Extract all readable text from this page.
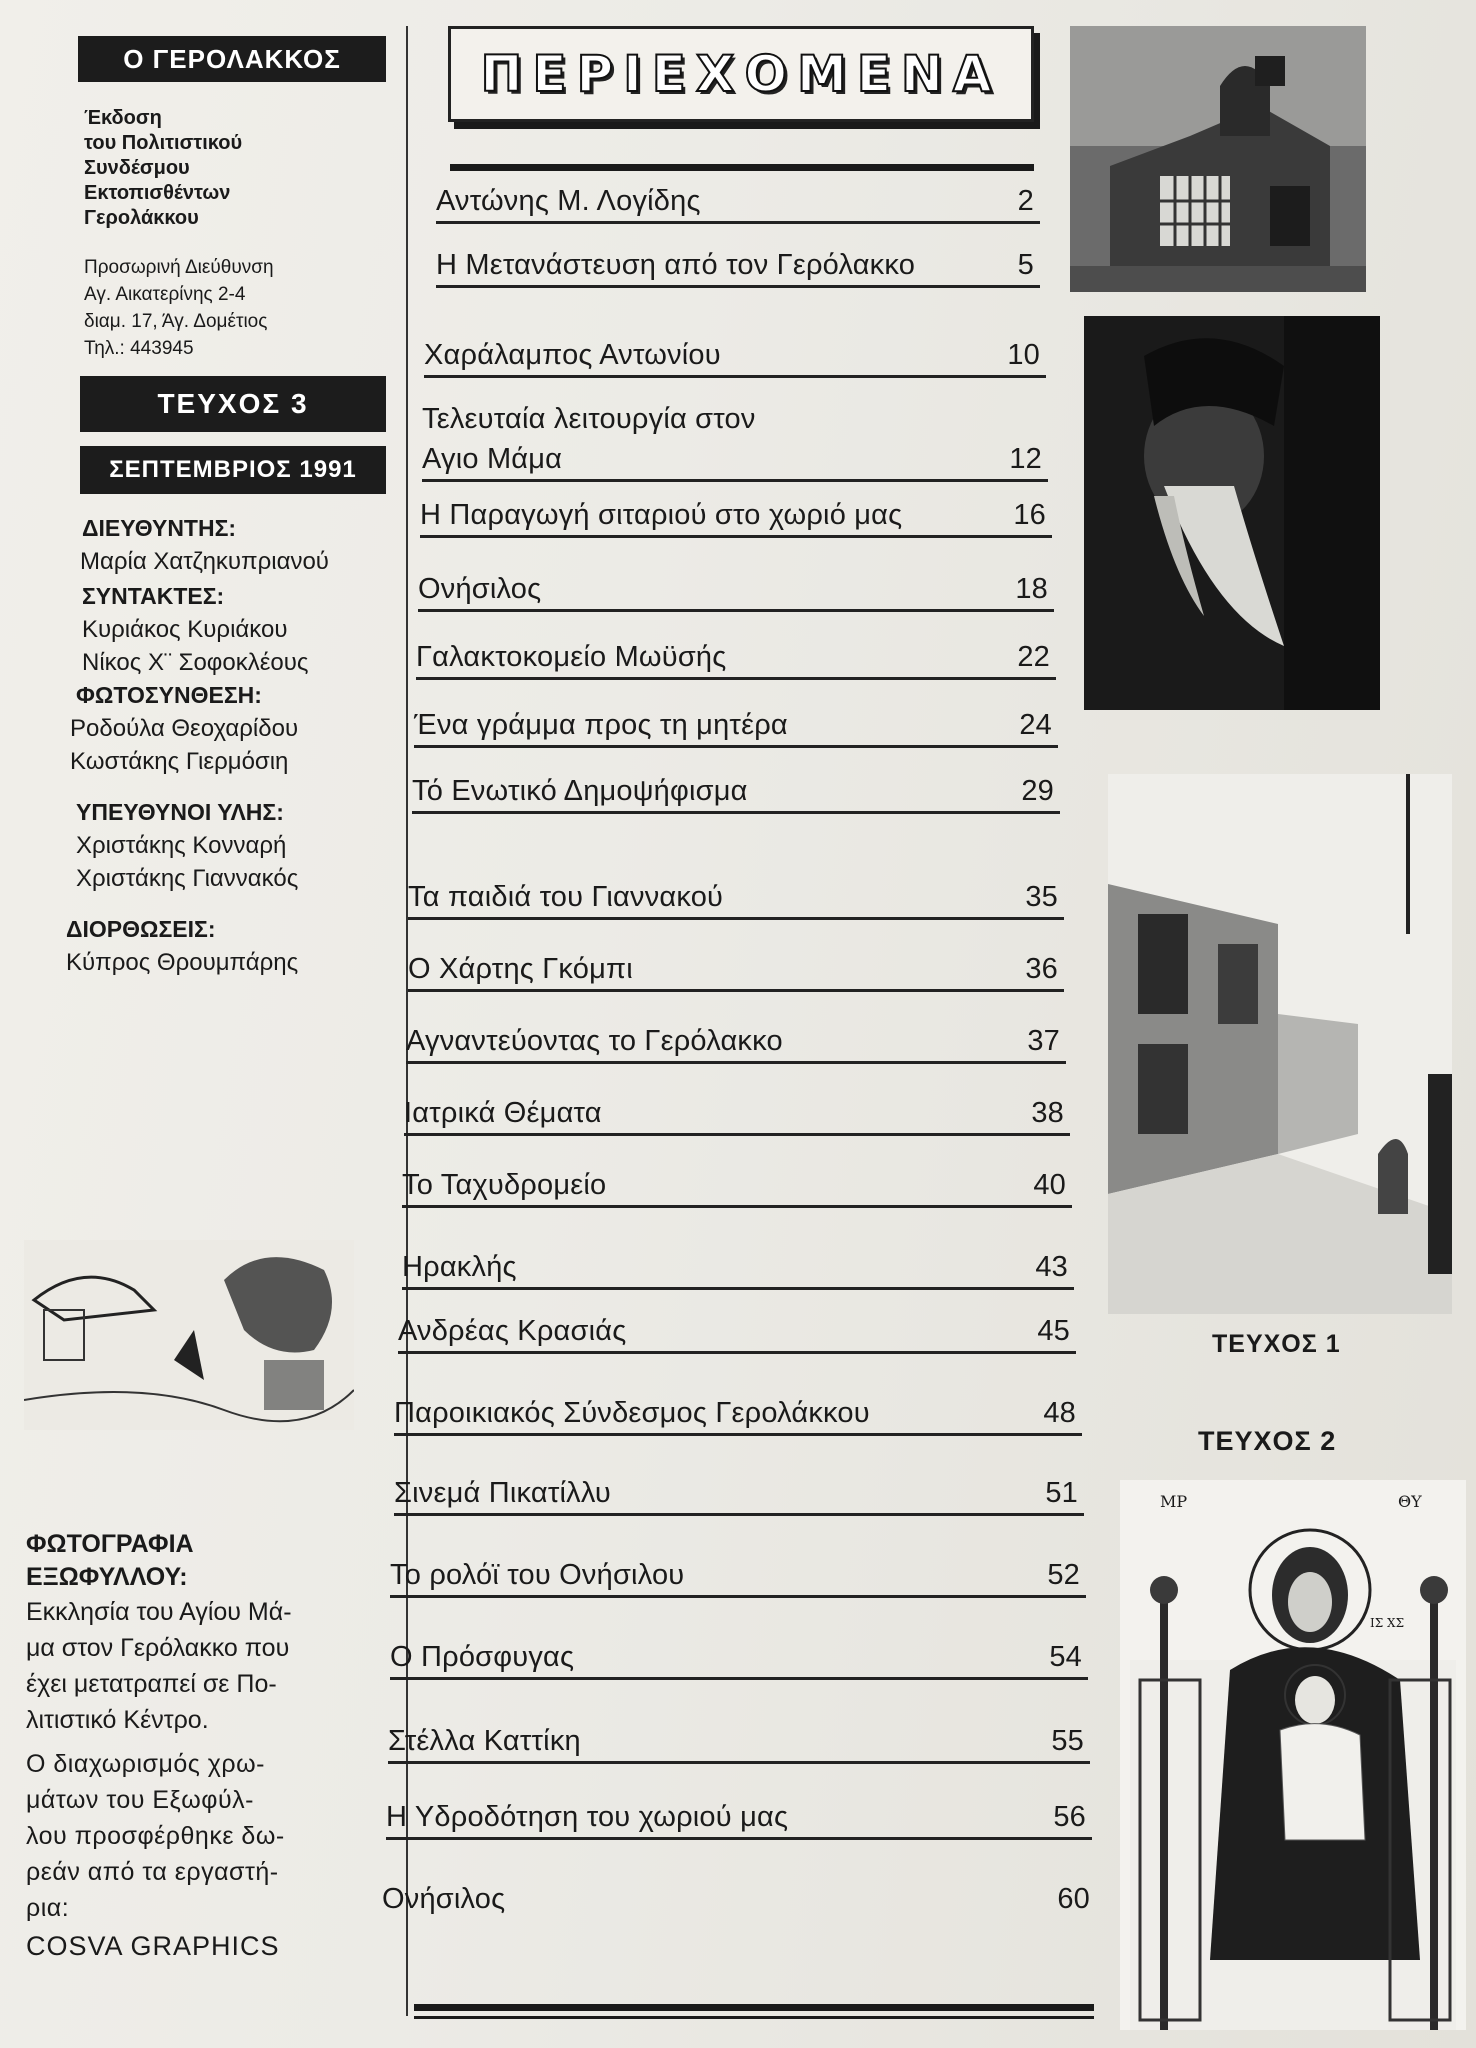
Ο ΓΕΡΟΛΑΚΚΟΣ
Έκδοση
του Πολιτιστικού
Συνδέσμου
Εκτοπισθέντων
Γερολάκκου
Προσωρινή Διεύθυνση
Αγ. Αικατερίνης 2-4
διαμ. 17, Άγ. Δομέτιος
Τηλ.: 443945
ΤΕΥΧΟΣ 3
ΣΕΠΤΕΜΒΡΙΟΣ 1991
ΔΙΕΥΘΥΝΤΗΣ:
Μαρία Χατζηκυπριανού
ΣΥΝΤΑΚΤΕΣ:
Κυριάκος Κυριάκου
Νίκος Χ¨ Σοφοκλέους
ΦΩΤΟΣΥΝΘΕΣΗ:
Ροδούλα Θεοχαρίδου
Κωστάκης Γιερμόσιη
ΥΠΕΥΘΥΝΟΙ ΥΛΗΣ:
Χριστάκης Κονναρή
Χριστάκης Γιαννακός
ΔΙΟΡΘΩΣΕΙΣ:
Κύπρος Θρουμπάρης
ΦΩΤΟΓΡΑΦΙΑ
ΕΞΩΦΥΛΛΟΥ:
Εκκλησία του Αγίου Μά-
μα στον Γερόλακκο που
έχει μετατραπεί σε Πο-
λιτιστικό Κέντρο.
Ο διαχωρισμός χρω-
μάτων του Εξωφύλ-
λου προσφέρθηκε δω-
ρεάν από τα εργαστή-
ρια:
COSVA GRAPHICS
ΠΕΡΙΕΧΟΜΕΝΑ
Αντώνης Μ. Λογίδης	2
Η Μετανάστευση από τον Γερόλακκο	5
Χαράλαμπος Αντωνίου	10
Τελευταία λειτουργία στον
Αγιο Μάμα	12
Η Παραγωγή σιταριού στο χωριό μας	16
Ονήσιλος	18
Γαλακτοκομείο Μωϋσής	22
Ένα γράμμα προς τη μητέρα	24
Τό Ενωτικό Δημοψήφισμα	29
Τα παιδιά του Γιαννακού	35
Ο Χάρτης Γκόμπι	36
Αγναντεύοντας το Γερόλακκο	37
Ιατρικά Θέματα	38
Το Ταχυδρομείο	40
Ηρακλής	43
Ανδρέας Κρασιάς	45
Παροικιακός Σύνδεσμος Γερολάκκου	48
Σινεμά Πικατίλλυ	51
Το ρολόϊ του Ονήσιλου	52
Ο Πρόσφυγας	54
Στέλλα Καττίκη	55
Η Υδροδότηση του χωριού μας	56
Ονήσιλος	60
ΤΕΥΧΟΣ 1
ΤΕΥΧΟΣ 2
ΜΡ	ΘΥ
ΙΣ ΧΣ
